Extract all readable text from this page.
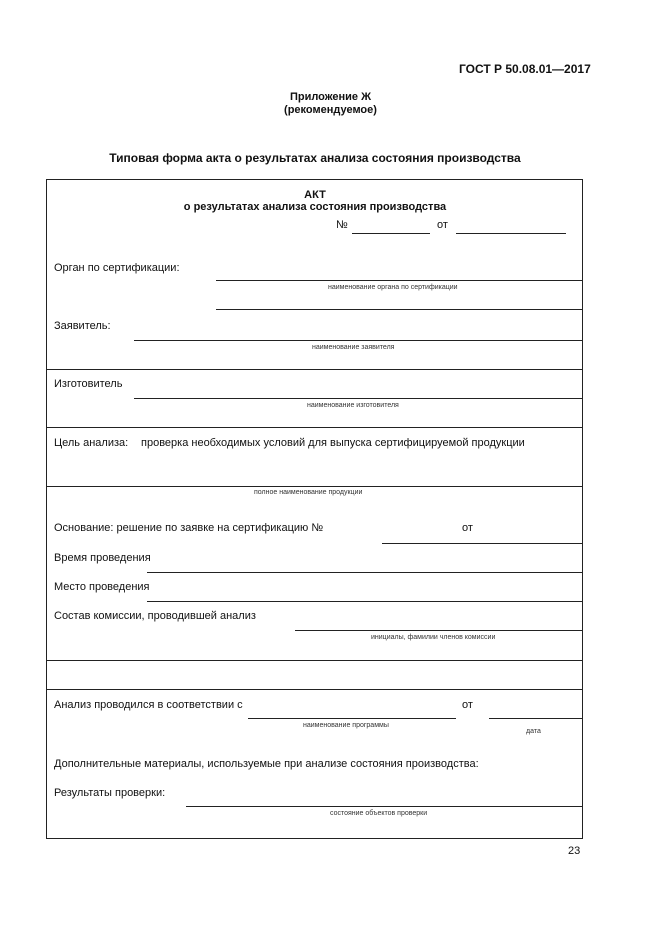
ГОСТ Р 50.08.01—2017
Приложение Ж
(рекомендуемое)
Типовая форма акта о результатах анализа состояния производства
АКТ
о результатах анализа состояния производства
№	от
Орган по сертификации:
наименование органа по сертификации
Заявитель:
наименование заявителя
Изготовитель
наименование изготовителя
Цель анализа: проверка необходимых условий для выпуска сертифицируемой продукции
полное наименование продукции
Основание: решение по заявке на сертификацию №	от
Время проведения
Место проведения
Состав комиссии, проводившей анализ
инициалы, фамилии членов комиссии
Анализ проводился в соответствии с
наименование программы
от
дата
Дополнительные материалы, используемые при анализе состояния производства:
Результаты проверки:
состояние объектов проверки
23
